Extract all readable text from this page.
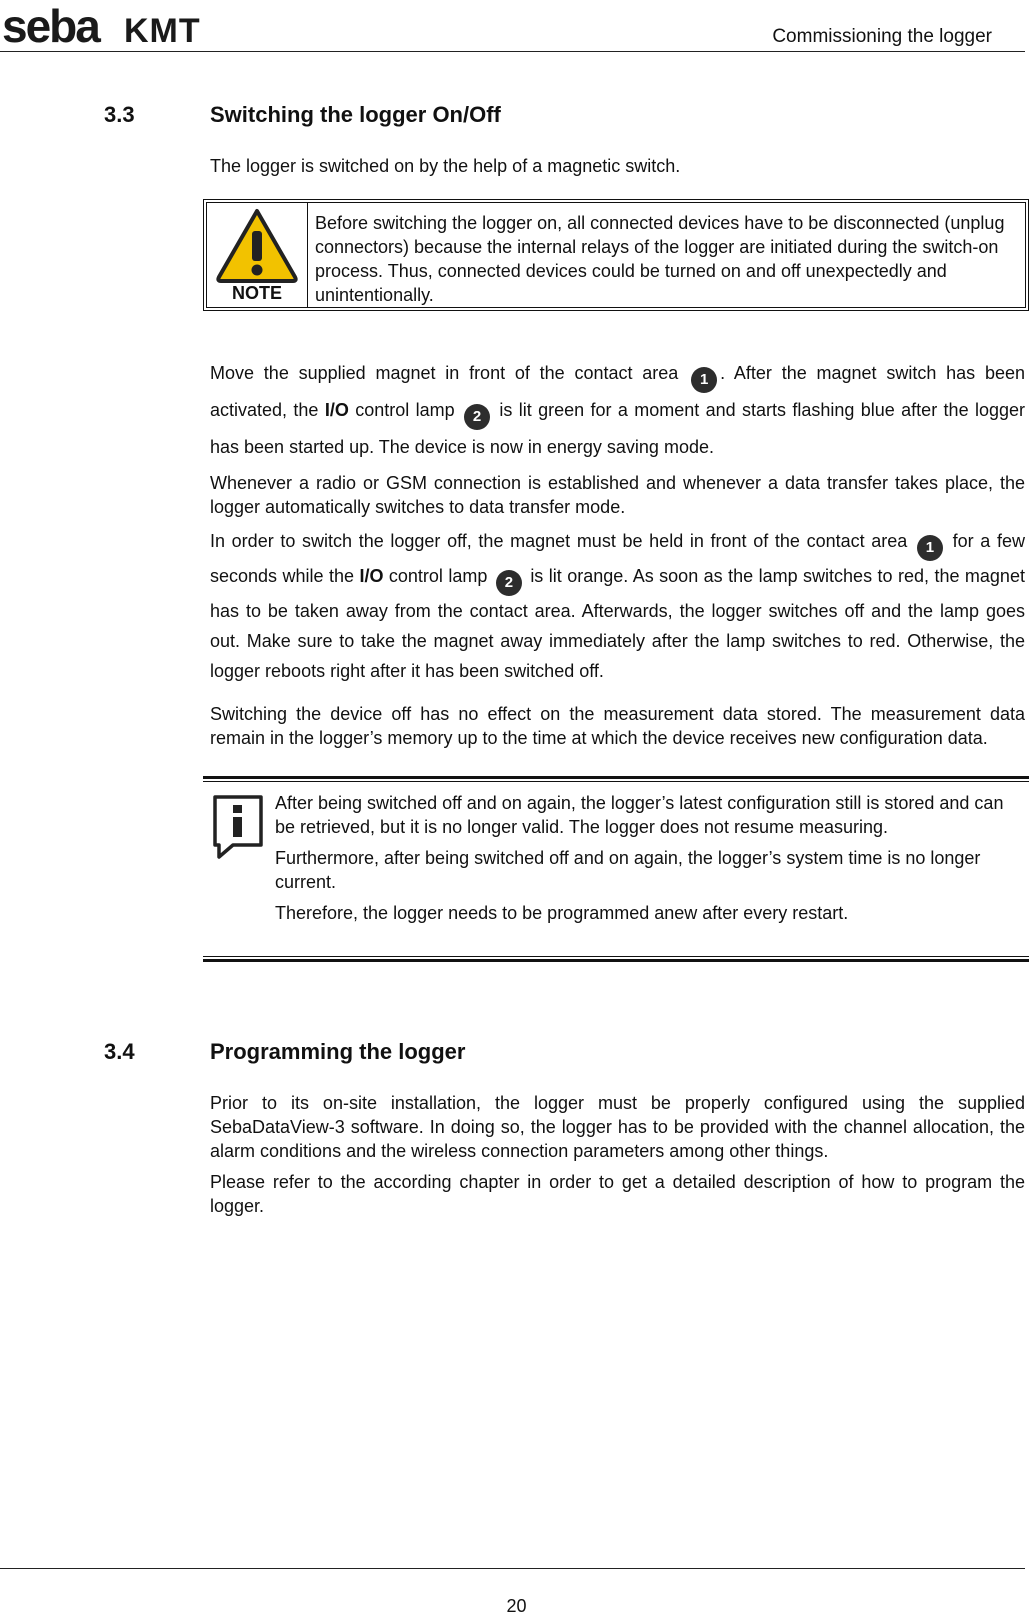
seba KMT	Commissioning the logger
3.3	Switching the logger On/Off
The logger is switched on by the help of a magnetic switch.
NOTE
Before switching the logger on, all connected devices have to be disconnected (unplug connectors) because the internal relays of the logger are initiated during the switch-on process. Thus, connected devices could be turned on and off unexpectedly and unintentionally.

Move the supplied magnet in front of the contact area 1 . After the magnet switch has been activated, the I/O control lamp 2 is lit green for a moment and starts flashing blue after the logger has been started up. The device is now in energy saving mode.

Whenever a radio or GSM connection is established and whenever a data transfer takes place, the logger automatically switches to data transfer mode.

In order to switch the logger off, the magnet must be held in front of the contact area 1 for a few seconds while the I/O control lamp 2 is lit orange. As soon as the lamp switches to red, the magnet has to be taken away from the contact area. Afterwards, the logger switches off and the lamp goes out. Make sure to take the magnet away immediately after the lamp switches to red. Otherwise, the logger reboots right after it has been switched off.

Switching the device off has no effect on the measurement data stored. The measurement data remain in the logger’s memory up to the time at which the device receives new configuration data.

After being switched off and on again, the logger’s latest configuration still is stored and can be retrieved, but it is no longer valid. The logger does not resume measuring.

Furthermore, after being switched off and on again, the logger’s system time is no longer current.

Therefore, the logger needs to be programmed anew after every restart.

3.4	Programming the logger

Prior to its on-site installation, the logger must be properly configured using the supplied SebaDataView-3 software. In doing so, the logger has to be provided with the channel allocation, the alarm conditions and the wireless connection parameters among other things.

Please refer to the according chapter in order to get a detailed description of how to program the logger.

20
